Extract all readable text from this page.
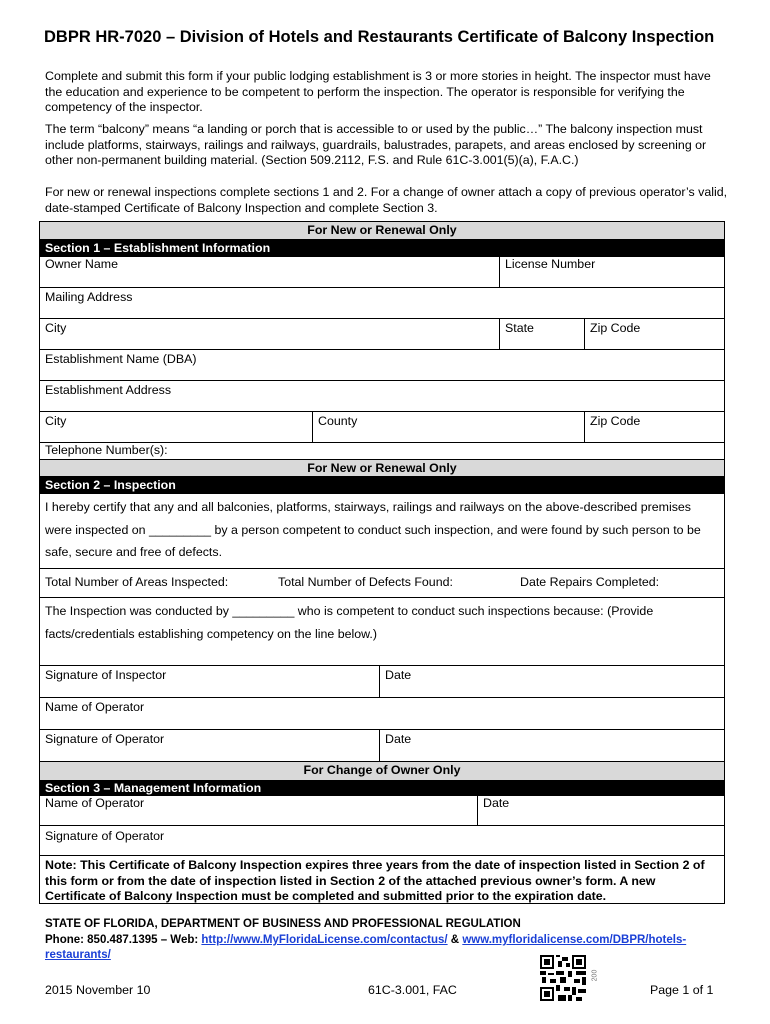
DBPR HR-7020 – Division of Hotels and Restaurants Certificate of Balcony Inspection

Complete and submit this form if your public lodging establishment is 3 or more stories in height. The inspector must have the education and experience to be competent to perform the inspection. The operator is responsible for verifying the competency of the inspector.

The term “balcony” means “a landing or porch that is accessible to or used by the public…” The balcony inspection must include platforms, stairways, railings and railways, guardrails, balustrades, parapets, and areas enclosed by screening or other non-permanent building material. (Section 509.2112, F.S. and Rule 61C-3.001(5)(a), F.A.C.)

For new or renewal inspections complete sections 1 and 2. For a change of owner attach a copy of previous operator’s valid, date-stamped Certificate of Balcony Inspection and complete Section 3.

For New or Renewal Only
Section 1 – Establishment Information
Owner Name	License Number
Mailing Address
City	State	Zip Code
Establishment Name (DBA)
Establishment Address
City	County	Zip Code
Telephone Number(s):
For New or Renewal Only
Section 2 – Inspection
I hereby certify that any and all balconies, platforms, stairways, railings and railways on the above-described premises were inspected on _________ by a person competent to conduct such inspection, and were found by such person to be safe, secure and free of defects.
Total Number of Areas Inspected:	Total Number of Defects Found:	Date Repairs Completed:
The Inspection was conducted by _________ who is competent to conduct such inspections because: (Provide facts/credentials establishing competency on the line below.)
Signature of Inspector	Date
Name of Operator
Signature of Operator	Date
For Change of Owner Only
Section 3 – Management Information
Name of Operator	Date
Signature of Operator
Note: This Certificate of Balcony Inspection expires three years from the date of inspection listed in Section 2 of this form or from the date of inspection listed in Section 2 of the attached previous owner’s form. A new Certificate of Balcony Inspection must be completed and submitted prior to the expiration date.
STATE OF FLORIDA, DEPARTMENT OF BUSINESS AND PROFESSIONAL REGULATION
Phone: 850.487.1395 – Web: http://www.MyFloridaLicense.com/contactus/ & www.myfloridalicense.com/DBPR/hotels-restaurants/
2015 November 10	61C-3.001, FAC	Page 1 of 1
200
